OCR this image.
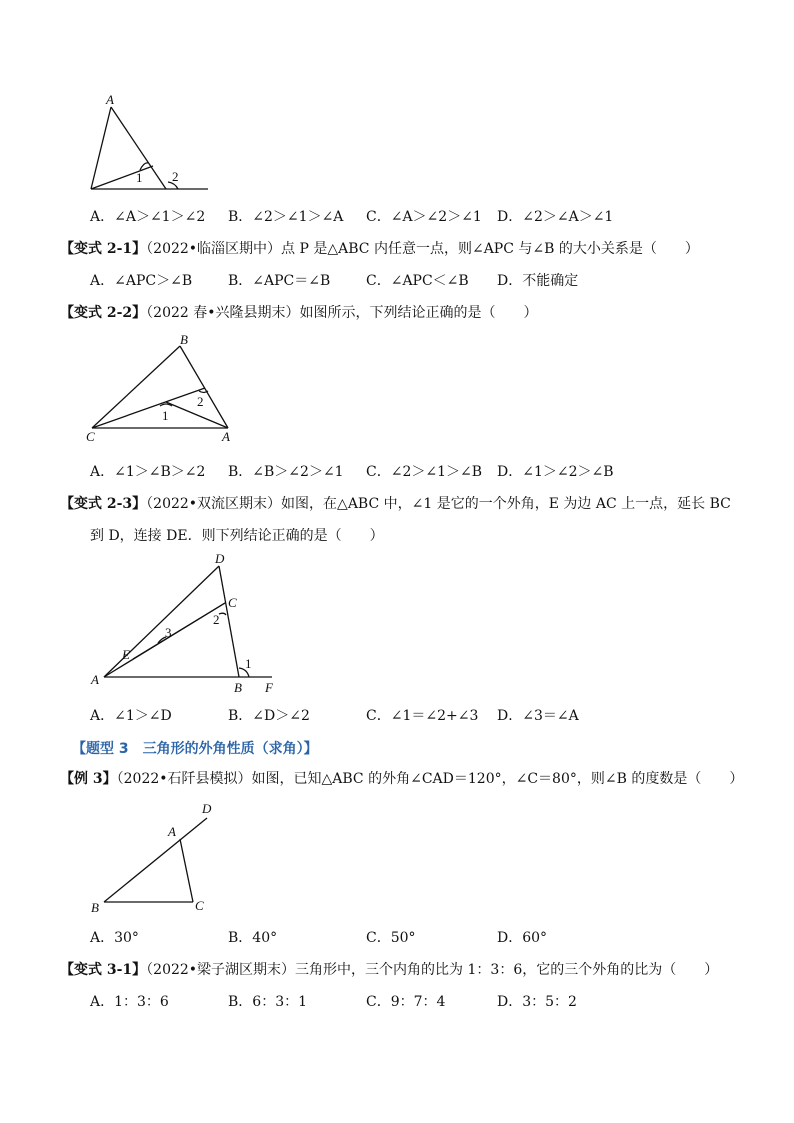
A
1 2
A．∠A＞∠1＞∠2 B．∠2＞∠1＞∠A C．∠A＞∠2＞∠1 D．∠2＞∠A＞∠1
【变式 2-1】（2022•临淄区期中）点 P 是△ABC 内任意一点，则∠APC 与∠B 的大小关系是（　　）
A．∠APC＞∠B	B．∠APC＝∠B	C．∠APC＜∠B D．不能确定
【变式 2-2】（2022 春•兴隆县期末）如图所示，下列结论正确的是（　　）
B
C	A
1
2
A．∠1＞∠B＞∠2 B．∠B＞∠2＞∠1 C．∠2＞∠1＞∠B D．∠1＞∠2＞∠B
【变式 2-3】（2022•双流区期末）如图，在△ABC 中，∠1 是它的一个外角，E 为边 AC 上一点，延长 BC
到 D，连接 DE．则下列结论正确的是（　　）
D
C
E
A
B F
1
2
3
A．∠1＞∠D	B．∠D＞∠2	C．∠1＝∠2+∠3 D．∠3＝∠A
【题型 3　三角形的外角性质（求角）】
【例 3】（2022•石阡县模拟）如图，已知△ABC 的外角∠CAD＝120°，∠C＝80°，则∠B 的度数是（　　）
D
A
B	C
A．30°	B．40°	C．50°	D．60°
【变式 3-1】（2022•梁子湖区期末）三角形中，三个内角的比为 1：3：6，它的三个外角的比为（　　）
A．1：3：6	B．6：3：1	C．9：7：4	D．3：5：2
